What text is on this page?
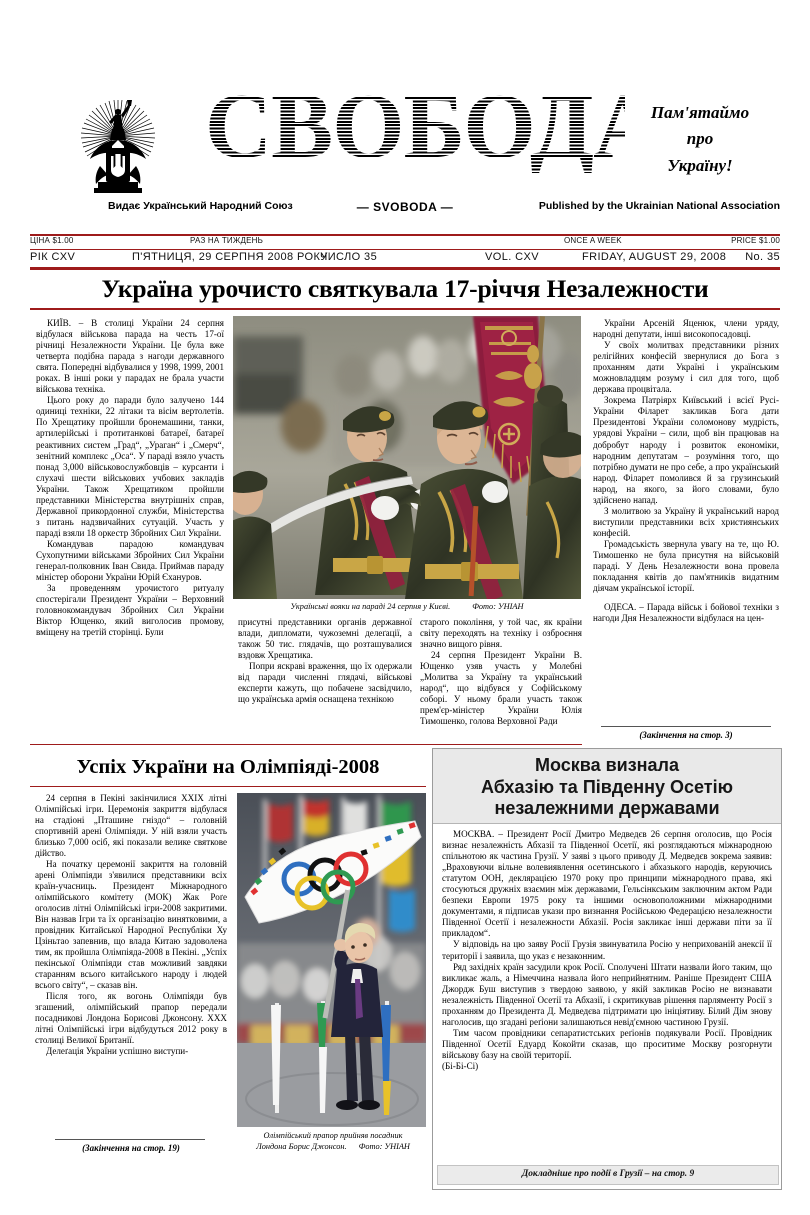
СВОБОДА
Пам'ятаймо
про
Україну!
Видає Український Народний Союз	— SVOBODA —	Published by the Ukrainian National Association
ЦІНА $1.00	РАЗ НА ТИЖДЕНЬ	ONCE A WEEK	PRICE $1.00
РІК CXV	П'ЯТНИЦЯ, 29 СЕРПНЯ 2008 РОКУ
ЧИСЛО 35	VOL. CXV	FRIDAY, AUGUST 29, 2008 No. 35
Україна урочисто святкувала 17-річчя Незалежности
Українські вояки на параді 24 серпня у Києві.	Фото: УНІАН

КИЇВ. – В столиці України 24 серпня відбулася військова парада на честь 17-ої річниці Незалежности України. Це була вже четверта подібна парада з нагоди державного свята. Попередні відбувалися у 1998, 1999, 2001 роках. В інші роки у парадах не брала участи військова техніка.

Цього року до паради було залучено 144 одиниці техніки, 22 літаки та вісім вертолетів. По Хрещатику пройшли бронемашини, танки, артилерійські і протитанкові батареї, батареї реактивних систем „Град“, „Ураган“ і „Смерч“, зенітний комплекс „Оса“. У параді взяло участь понад 3,000 військовослужбовців – курсанти і слухачі шести військових учбових закладів України. Також Хрещатиком пройшли представники Міністерства внутрішніх справ, Державної прикордонної служби, Міністерства з питань надзвичайних сутуацій. Участь у параді взяли 18 оркестр Збройних Сил України.

Командував парадою командувач Сухопутними військами Збройних Сил України генерал-полковник Іван Свида. Приймав параду міністер оборони України Юрій Єхануров.

За проведенням урочистого ритуалу спостерігали Президент України – Верховний головнокомандувач Збройних Сил України Віктор Ющенко, який виголосив промову, вміщену на третій сторінці. Були

присутні представники органів державної влади, дипломати, чужоземні делеґації, а також 50 тис. глядачів, що розташувалися вздовж Хрещатика.

Попри яскраві враження, що їх одержали від паради численні глядачі, військові експерти кажуть, що побачене засвідчило, що українська армія оснащена технікою

старого покоління, у той час, як країни світу переходять на техніку і озброєння значно вищого рівня.

24 серпня Президент України В. Ющенко узяв участь у Молебні „Молитва за Україну та український народ“, що відбувся у Софійському соборі. У ньому брали участь також прем'єр-міністер України Юлія Тимошенко, голова Верховної Ради

України Арсеній Яценюк, члени уряду, народні депутати, інші високопосадовці.

У своїх молитвах представники різних релігійних конфесій звернулися до Бога з проханням дати Україні і українським можновладцям розуму і сил для того, щоб держава процвітала.

Зокрема Патріярх Київський і всієї Русі-України Філарет закликав Бога дати Президентові України соломонову мудрість, урядові України – сили, щоб він працював на добробут народу і розвиток економіки, народним депутатам – розуміння того, що потрібно думати не про себе, а про український народ. Філарет помолився й за грузинський народ, на якого, за його словами, було здійснено напад.

З молитвою за Україну й український народ виступили представники всіх християнських конфесій.

Громадськість звернула увагу на те, що Ю. Тимошенко не була присутня на військовій параді. У День Незалежности вона провела покладання квітів до пам'ятників видатним діячам української історії.

ОДЕСА. – Парада військ і бойової техніки з нагоди Дня Незалежности відбулася на цен-

(Закінчення на стор. 3)
Успіх України на Олімпіяді-2008

24 серпня в Пекіні закінчилися XXIX літні Олімпійські ігри. Церемонія закриття відбулася на стадіоні „Пташине гніздо“ – головній спортивній арені Олімпіяди. У ній взяли участь близько 7,000 осіб, які показали велике святкове дійство.

На початку церемонії закриття на головній арені Олімпіяди з'явилися представники всіх країн-учасниць. Президент Міжнародного олімпійського комітету (МОК) Жак Роґе оголосив літні Олімпійські ігри-2008 закритими. Він назвав Ігри та їх організацію винятковими, а провідник Китайської Народної Республіки Ху Цзіньтао запевнив, що влада Китаю задоволена тим, як пройшла Олімпіяда-2008 в Пекіні. „Успіх пекінської Олімпіяди став можливий завдяки старанням всього китайського народу і людей всього світу“, – сказав він.

Після того, як вогонь Олімпіяди був згашений, олімпійський прапор передали посадникові Лондона Борисові Джонсону. XXX літні Олімпійські ігри відбудуться 2012 року в столиці Великої Британії.

Делеґація України успішно виступи-

(Закінчення на стор. 19)
Олімпійський прапор прийняв посадник
Лондона Борис Джонсон. Фото: УНІАН
Москва визнала
Абхазію та Південну Осетію
незалежними державами

МОСКВА. – Президент Росії Дмитро Медведєв 26 серпня оголосив, що Росія визнає незалежність Абхазії та Південної Осетії, які розглядаються міжнародною спільнотою як частина Грузії. У заяві з цього приводу Д. Медведєв зокрема заявив: „Враховуючи вільне волевиявлення осетинського і абхазького народів, керуючись статутом ООН, деклярацією 1970 року про принципи міжнародного права, які стосуються дружніх взаємин між державами, Гельсінкським заключним актом Ради безпеки Европи 1975 року та іншими основоположними міжнародними документами, я підписав укази про визнання Російською Федерацією незалежности Південної Осетії і незалежности Абхазії. Росія закликає інші держави піти за її прикладом“.

У відповідь на цю заяву Росії Грузія звинуватила Росію у неприхованій анексії її території і заявила, що указ є незаконним.

Ряд західніх країн засудили крок Росії. Сполучені Штати назвали його таким, що викликає жаль, а Німеччина назвала його неприйнятним. Раніше Президент США Джордж Буш виступив з твердою заявою, у якій закликав Росію не визнавати незалежність Південної Осетії та Абхазії, і скритикував рішення парляменту Росії з проханням до Президента Д. Медведєва підтримати цю ініціятиву. Білий Дім знову наголосив, що згадані реґіони залишаються невід'ємною частиною Грузії.

Тим часом провідники сепаратистських реґіонів подякували Росії. Провідник Південної Осетії Едуард Кокойти сказав, що проситиме Москву розгорнути військову базу на своїй території.

(Бі-Бі-Сі)

Докладніше про події в Грузії – на стор. 9
